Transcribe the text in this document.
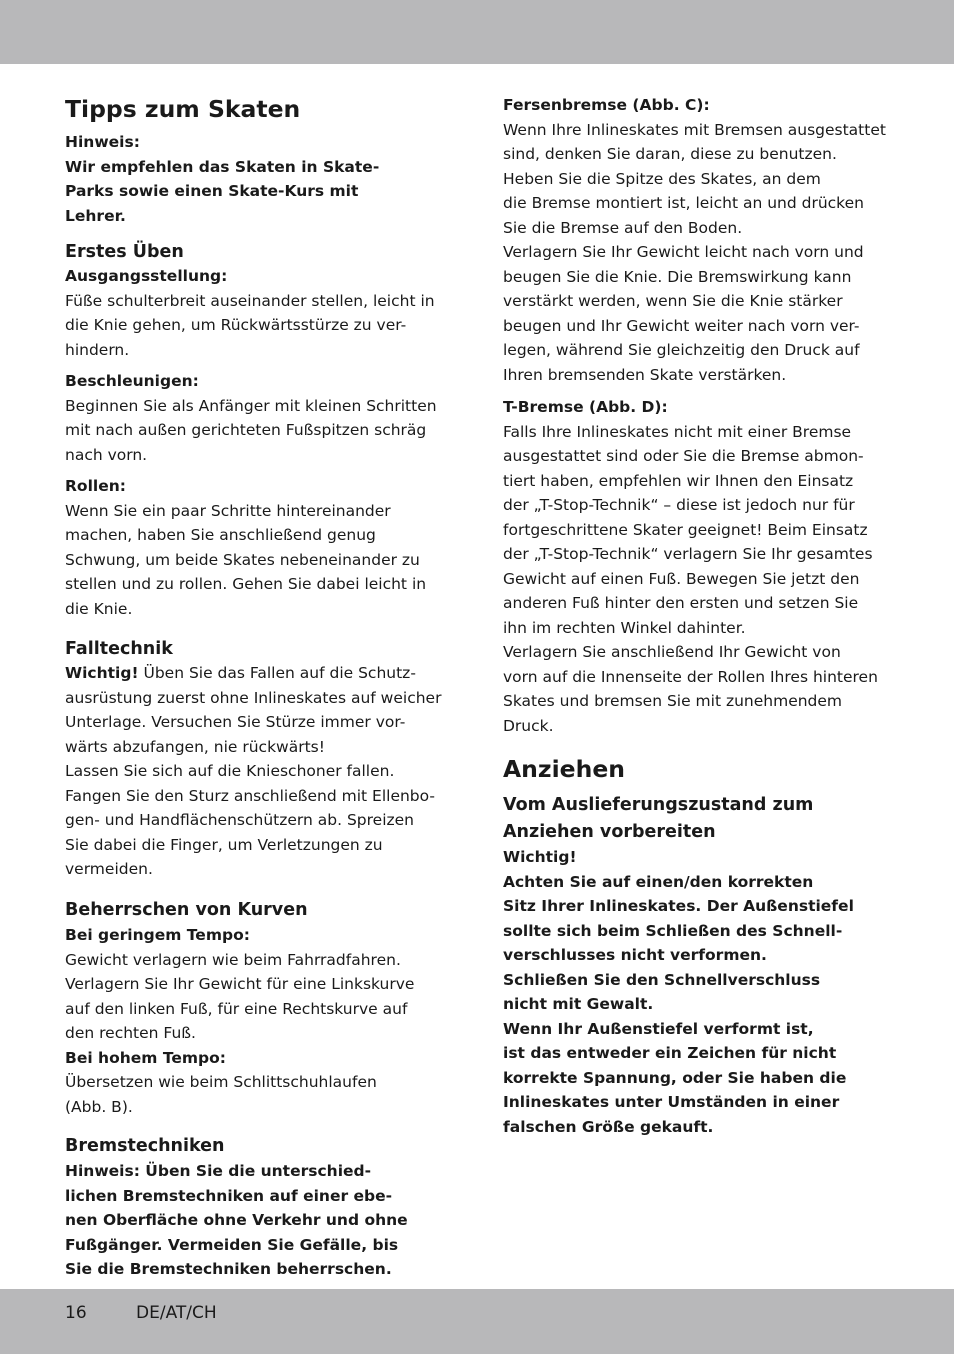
Tipps zum Skaten
Hinweis:
Wir empfehlen das Skaten in Skate-
Parks sowie einen Skate-Kurs mit
Lehrer.
Erstes Üben
Ausgangsstellung:
Füße schulterbreit auseinander stellen, leicht in
die Knie gehen, um Rückwärtsstürze zu ver-
hindern.
Beschleunigen:
Beginnen Sie als Anfänger mit kleinen Schritten
mit nach außen gerichteten Fußspitzen schräg
nach vorn.
Rollen:
Wenn Sie ein paar Schritte hintereinander
machen, haben Sie anschließend genug
Schwung, um beide Skates nebeneinander zu
stellen und zu rollen. Gehen Sie dabei leicht in
die Knie.
Falltechnik
Wichtig! Üben Sie das Fallen auf die Schutz-
ausrüstung zuerst ohne Inlineskates auf weicher
Unterlage. Versuchen Sie Stürze immer vor-
wärts abzufangen, nie rückwärts!
Lassen Sie sich auf die Knieschoner fallen.
Fangen Sie den Sturz anschließend mit Ellenbo-
gen- und Handflächenschützern ab. Spreizen
Sie dabei die Finger, um Verletzungen zu
vermeiden.
Beherrschen von Kurven
Bei geringem Tempo:
Gewicht verlagern wie beim Fahrradfahren.
Verlagern Sie Ihr Gewicht für eine Linkskurve
auf den linken Fuß, für eine Rechtskurve auf
den rechten Fuß.
Bei hohem Tempo:
Übersetzen wie beim Schlittschuhlaufen
(Abb. B).
Bremstechniken
Hinweis: Üben Sie die unterschied-
lichen Bremstechniken auf einer ebe-
nen Oberfläche ohne Verkehr und ohne
Fußgänger. Vermeiden Sie Gefälle, bis
Sie die Bremstechniken beherrschen.
Fersenbremse (Abb. C):
Wenn Ihre Inlineskates mit Bremsen ausgestattet
sind, denken Sie daran, diese zu benutzen.
Heben Sie die Spitze des Skates, an dem
die Bremse montiert ist, leicht an und drücken
Sie die Bremse auf den Boden.
Verlagern Sie Ihr Gewicht leicht nach vorn und
beugen Sie die Knie. Die Bremswirkung kann
verstärkt werden, wenn Sie die Knie stärker
beugen und Ihr Gewicht weiter nach vorn ver-
legen, während Sie gleichzeitig den Druck auf
Ihren bremsenden Skate verstärken.
T-Bremse (Abb. D):
Falls Ihre Inlineskates nicht mit einer Bremse
ausgestattet sind oder Sie die Bremse abmon-
tiert haben, empfehlen wir Ihnen den Einsatz
der „T-Stop-Technik“ – diese ist jedoch nur für
fortgeschrittene Skater geeignet! Beim Einsatz
der „T-Stop-Technik“ verlagern Sie Ihr gesamtes
Gewicht auf einen Fuß. Bewegen Sie jetzt den
anderen Fuß hinter den ersten und setzen Sie
ihn im rechten Winkel dahinter.
Verlagern Sie anschließend Ihr Gewicht von
vorn auf die Innenseite der Rollen Ihres hinteren
Skates und bremsen Sie mit zunehmendem
Druck.
Anziehen
Vom Auslieferungszustand zum
Anziehen vorbereiten
Wichtig!
Achten Sie auf einen/den korrekten
Sitz Ihrer Inlineskates. Der Außenstiefel
sollte sich beim Schließen des Schnell-
verschlusses nicht verformen.
Schließen Sie den Schnellverschluss
nicht mit Gewalt.
Wenn Ihr Außenstiefel verformt ist,
ist das entweder ein Zeichen für nicht
korrekte Spannung, oder Sie haben die
Inlineskates unter Umständen in einer
falschen Größe gekauft.
16	DE/AT/CH
